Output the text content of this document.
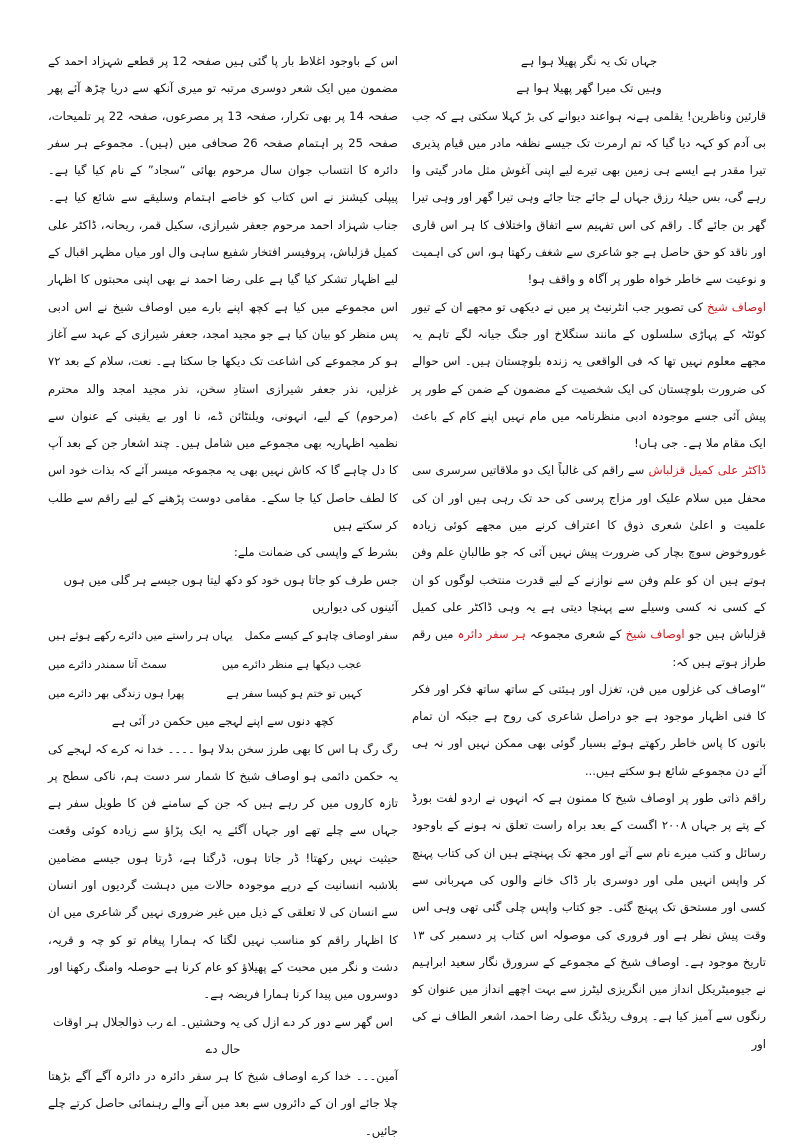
جہاں تک یہ نگر پھیلا ہوا ہے

وہیں تک میرا گھر پھیلا ہوا ہے

قارئین وناظرین! یقلمی ہےنہ ہواعند دیوانے کی بڑ کہلا سکتی ہے کہ جب بی آدم کو کہہ دیا گیا کہ تم ارمرت تک جیسے نظفہ مادر میں قیام پذیری تیرا مقدر ہے ایسے ہی زمین بھی تیرے لیے اپنی آغوش مثل مادر گیتی وا رہے گی، بس حیلۂ رزق جہاں لے جائے جتا جائے وہی تیرا گھر اور وہی تیرا گھر بن جائے گا۔ راقم کی اس تفہیم سے اتفاق واختلاف کا ہر اس قاری اور ناقد کو حق حاصل ہے جو شاعری سے شغف رکھتا ہو، اس کی اہمیت و نوعیت سے خاطر خواہ طور پر آگاہ و واقف ہو!

اوصاف شیخ کی تصویر جب انٹرنیٹ پر میں نے دیکھی تو مجھے ان کے تیور کوئٹہ کے پہاڑی سلسلوں کے مانند سنگلاخ اور جنگ جیانہ لگے تاہم یہ مجھے معلوم نہیں تھا کہ فی الواقعی یہ زندہ بلوچستان ہیں۔ اس حوالے کی ضرورت بلوچستان کی ایک شخصیت کے مضمون کے ضمن کے طور پر پیش آئی جسے موجودہ ادبی منظرنامہ میں مام نہیں اپنے کام کے باعث ایک مقام ملا ہے۔ جی ہاں!

ڈاکٹر علی کمیل قزلباش سے راقم کی غالباً ایک دو ملاقاتیں سرسری سی محفل میں سلام علیک اور مزاج پرسی کی حد تک رہی ہیں اور ان کی علمیت و اعلیٰ شعری ذوق کا اعتراف کرنے میں مجھے کوئی زیادہ غوروخوض سوچ بچار کی ضرورت پیش نہیں آئی کہ جو طالبانِ علم وفن ہوتے ہیں ان کو علم وفن سے نوازنے کے لیے قدرت منتخب لوگوں کو ان کے کسی نہ کسی وسیلے سے پہنچا دیتی ہے یہ وہی ڈاکٹر علی کمیل قزلباش ہیں جو اوصاف شیخ کے شعری مجموعہ ہر سفر دائرہ میں رقم طراز ہوتے ہیں کہ:

“اوصاف کی غزلوں میں فن، تغزل اور ہیئتی کے ساتھ ساتھ فکر اور فکر کا فنی اظہار موجود ہے جو دراصل شاعری کی روح ہے جبکہ ان تمام باتوں کا پاس خاطر رکھتے ہوئے بسیار گوئی بھی ممکن نہیں اور نہ ہی آئے دن مجموعے شائع ہو سکتے ہیں...

راقم ذاتی طور پر اوصاف شیخ کا ممنون ہے کہ انہوں نے اردو لفت بورڈ کے پتے پر جہاں ۲۰۰۸ اگست کے بعد براہ راست تعلق نہ ہونے کے باوجود رسائل و کتب میرے نام سے آتے اور مجھ تک پہنچتے ہیں ان کی کتاب پہنچ کر واپس انہیں ملی اور دوسری بار ڈاک خانے والوں کی مہربانی سے کسی اور مستحق تک پہنچ گئی۔ جو کتاب واپس چلی گئی تھی وہی اس وقت پیش نظر ہے اور فروری کی موصولہ اس کتاب پر دسمبر کی ۱۳ تاریخ موجود ہے۔ اوصاف شیخ کے مجموعے کے سرورق نگار سعید ابراہیم نے جیومیٹریکل انداز میں انگریزی لیٹرز سے بہت اچھے انداز میں عنوان کو رنگوں سے آمیز کیا ہے۔ پروف ریڈنگ علی رضا احمد، اشعر الطاف نے کی اور

اس کے باوجود اغلاط بار پا گئی ہیں صفحہ 12 پر قطعے شہزاد احمد کے مضمون میں ایک شعر دوسری مرتبہ تو میری آنکھ سے دریا چڑھ آئے پھر صفحہ 14 پر بھی تکرار، صفحہ 13 پر مصرعوں، صفحہ 22 پر تلمیحات، صفحہ 25 پر اہتمام صفحہ 26 صحافی میں (ہیں)۔ مجموعے ہر سفر دائرہ کا انتساب جوان سال مرحوم بھائی “سجاد” کے نام کیا گیا ہے۔ پیپلی کیشنز نے اس کتاب کو خاصے اہتمام وسلیقے سے شائع کیا ہے۔ جناب شہزاد احمد مرحوم جعفر شیرازی، سکیل قمر، ریحانہ، ڈاکٹر علی کمیل قزلباش، پروفیسر افتخار شفیع ساہی وال اور میاں مظہر اقبال کے لیے اظہار تشکر کیا گیا ہے علی رضا احمد نے بھی اپنی محبتوں کا اظہار اس مجموعے میں کیا ہے کچھ اپنے بارے میں اوصاف شیخ نے اس ادبی پس منظر کو بیان کیا ہے جو مجید امجد، جعفر شیرازی کے عہد سے آغاز ہو کر مجموعے کی اشاعت تک دیکھا جا سکتا ہے۔ نعت، سلام کے بعد ۷۲ غزلیں، نذر جعفر شیرازی استادِ سخن، نذر مجید امجد والد محترم (مرحوم) کے لیے، انہونی، ویلنٹائن ڈے، نا اور بے یقینی کے عنوان سے نظمیہ اظہاریہ بھی مجموعے میں شامل ہیں۔ چند اشعار جن کے بعد آپ کا دل چاہے گا کہ کاش نہیں بھی یہ مجموعہ میسر آئے کہ بذات خود اس کا لطف حاصل کیا جا سکے۔ مقامی دوست پڑھنے کے لیے راقم سے طلب کر سکتے ہیں

بشرط کے واپسی کی ضمانت ملے:

جس طرف کو جاتا ہوں خود کو دکھ لیتا ہوں جیسے ہر گلی میں ہوں آئینوں کی دیواریں

سفر اوصاف چاہو کے کیسے مکمل
یہاں ہر راستے میں دائرے رکھے ہوئے ہیں
عجب دیکھا ہے منظر دائرے میں
سمٹ آتا سمندر دائرے میں
کہیں تو ختم ہو کیسا سفر ہے
پھرا ہوں زندگی بھر دائرے میں

کچھ دنوں سے اپنے لہجے میں حکمن در آئی ہے

رگ رگ ہا اس کا بھی طرز سخن بدلا ہوا ۔۔۔۔ خدا نہ کرے کہ لہجے کی یہ حکمن دائمی ہو اوصاف شیخ کا شمار سر دست ہم، ناکی سطح پر تازہ کاروں میں کر رہے ہیں کہ جن کے سامنے فن کا طویل سفر ہے جہاں سے چلے تھے اور جہاں آگئے یہ ایک پڑاؤ سے زیادہ کوئی وقعت حیثیت نہیں رکھتا! ڈر جاتا ہوں، ڈرگتا ہے، ڈرتا ہوں جیسے مضامین بلاشبہ انسانیت کے درپے موجودہ حالات میں دہشت گردیوں اور انسان سے انسان کی لا تعلقی کے ذیل میں غیر ضروری نہیں گر شاعری میں ان کا اظہار راقم کو مناسب نہیں لگتا کہ ہمارا پیغام تو کو چہ و قریہ، دشت و نگر میں محبت کے پھیلاؤ کو عام کرنا ہے حوصلہ وامنگ رکھنا اور دوسروں میں پیدا کرنا ہمارا فریضہ ہے۔

اس گھر سے دور کر دے ازل کی یہ وحشتیں۔ اے رب ذوالجلال ہر اوقات حال دے

آمین۔۔۔ خدا کرے اوصاف شیخ کا ہر سفر دائرہ در دائرہ آگے آگے بڑھتا چلا جائے اور ان کے دائروں سے بعد میں آنے والے رہنمائی حاصل کرتے چلے جائیں۔
